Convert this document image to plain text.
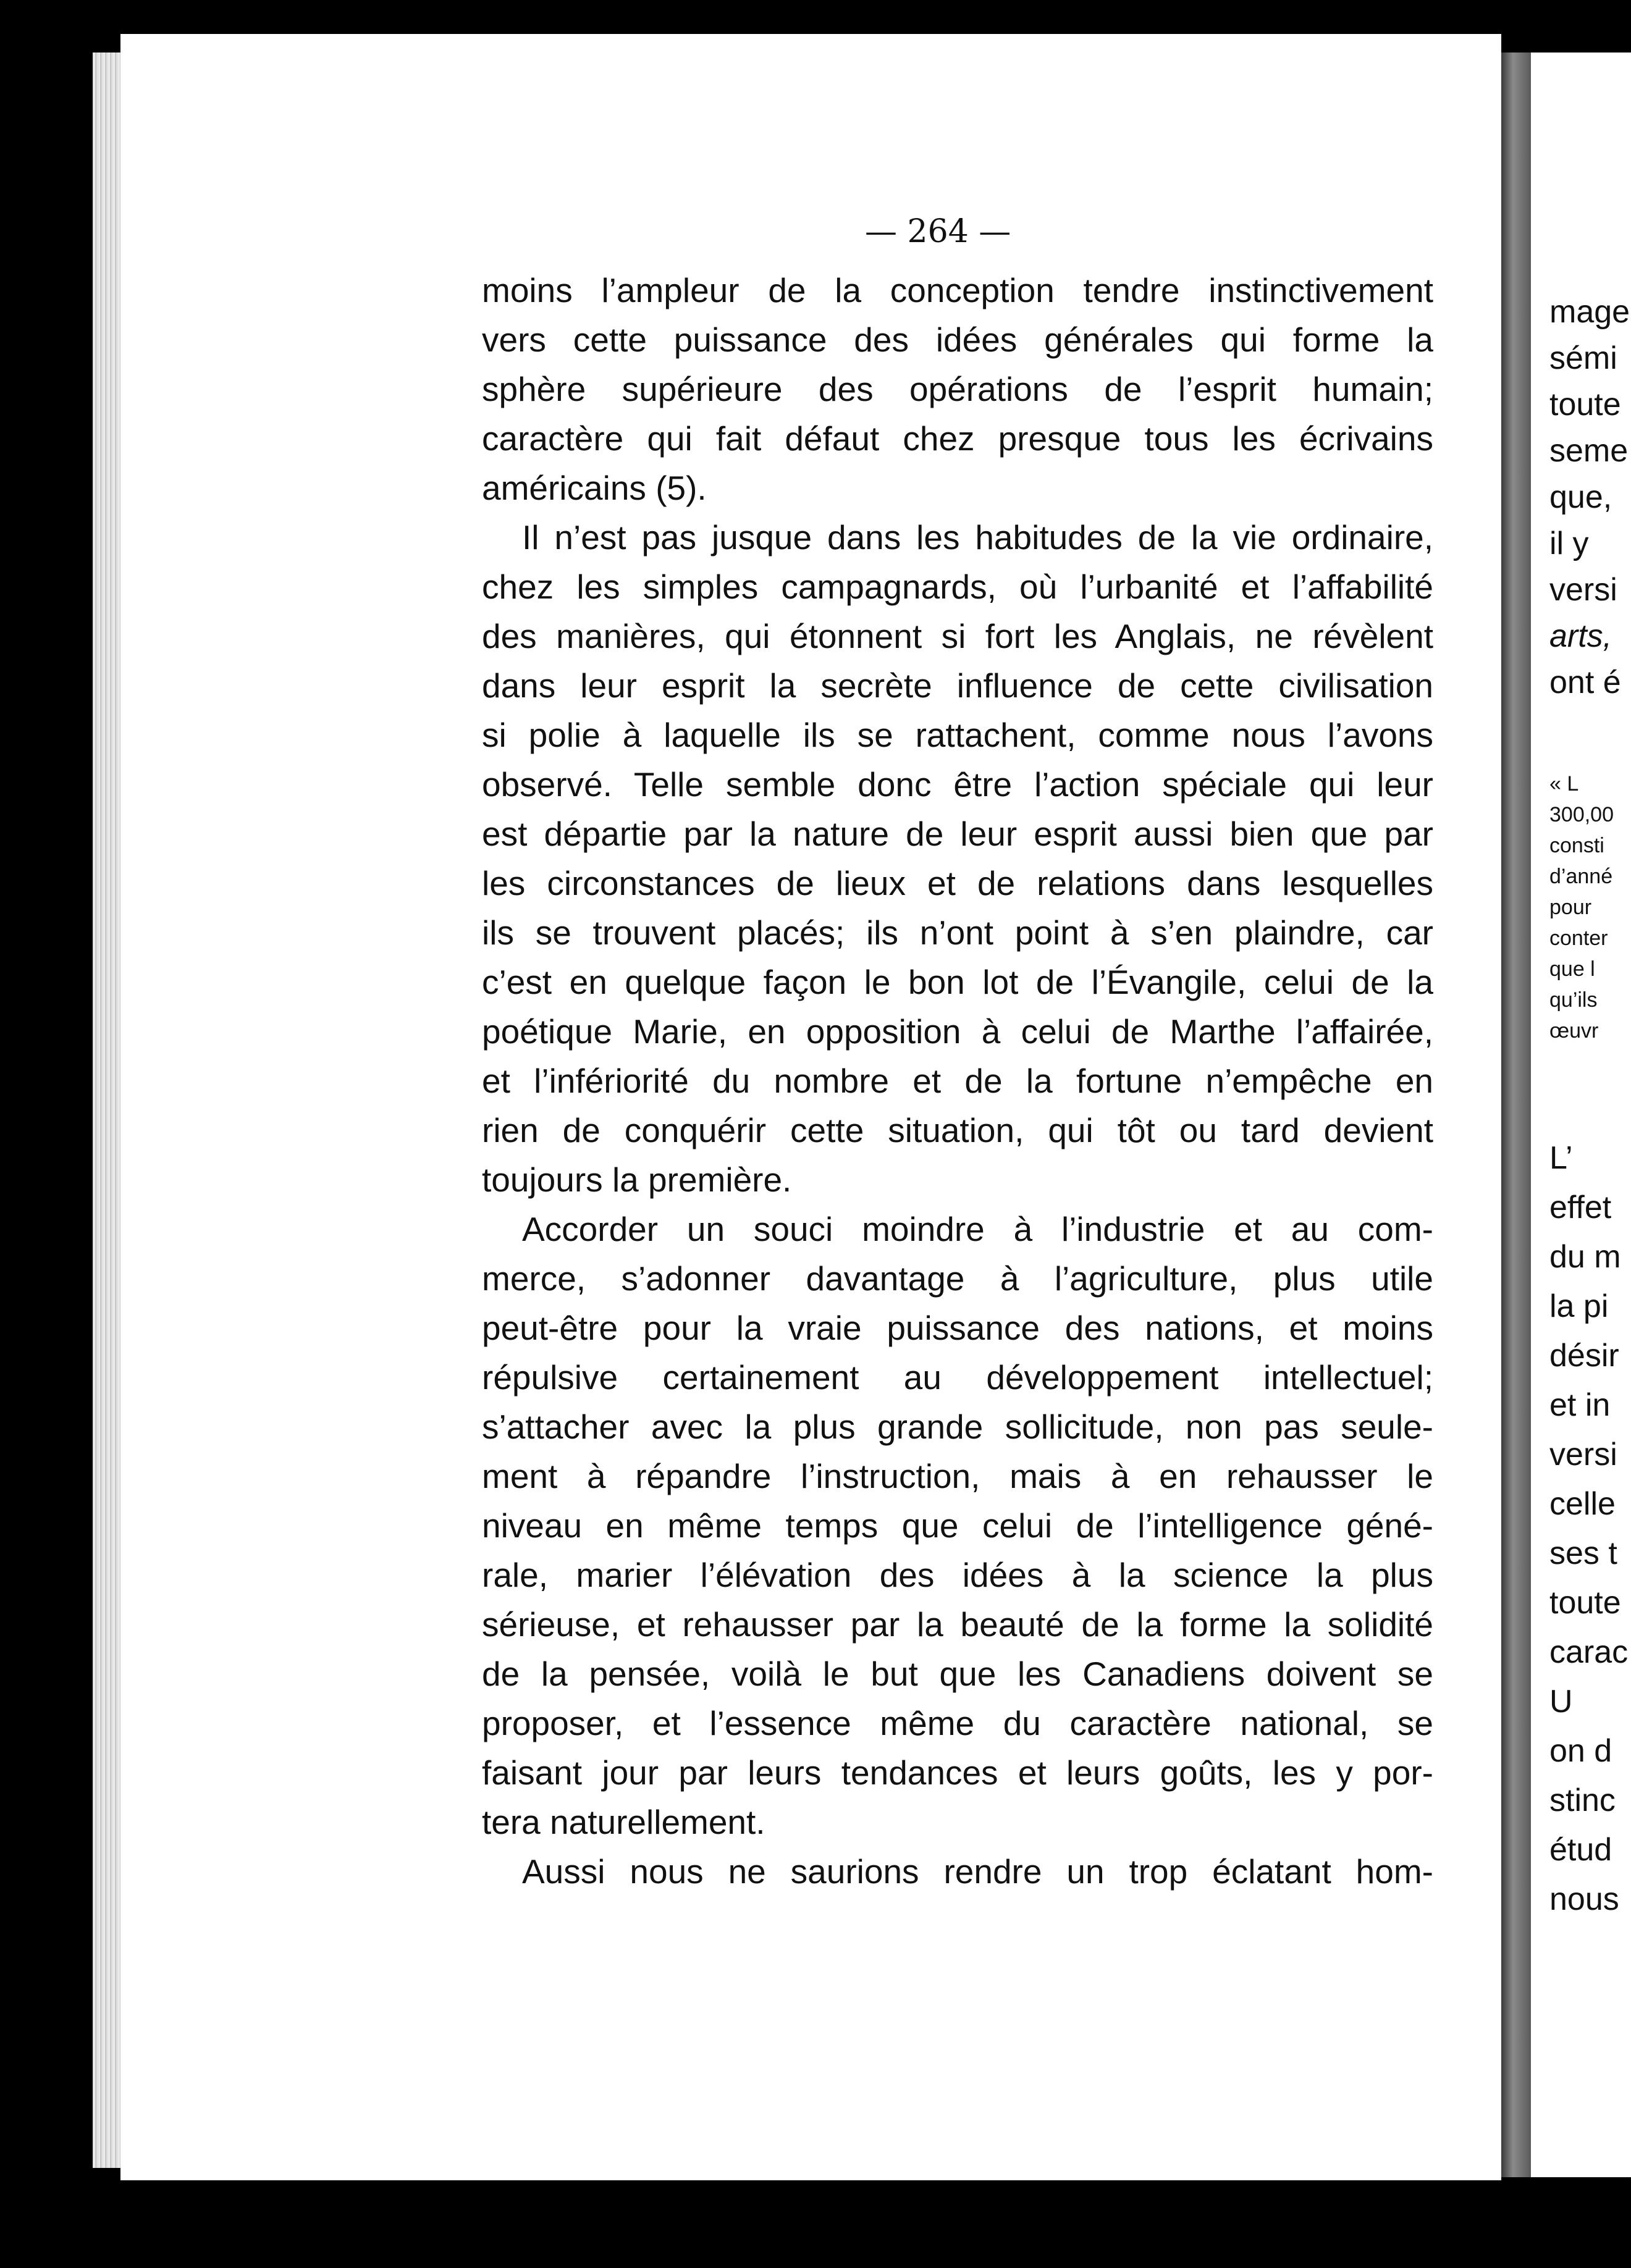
— 264 —
moins l’ampleur de la conception tendre instinctivement
vers cette puissance des idées générales qui forme la
sphère supérieure des opérations de l’esprit humain;
caractère qui fait défaut chez presque tous les écrivains
américains (5).
Il n’est pas jusque dans les habitudes de la vie ordinaire,
chez les simples campagnards, où l’urbanité et l’affabilité
des manières, qui étonnent si fort les Anglais, ne révèlent
dans leur esprit la secrète influence de cette civilisation
si polie à laquelle ils se rattachent, comme nous l’avons
observé. Telle semble donc être l’action spéciale qui leur
est départie par la nature de leur esprit aussi bien que par
les circonstances de lieux et de relations dans lesquelles
ils se trouvent placés; ils n’ont point à s’en plaindre, car
c’est en quelque façon le bon lot de l’Évangile, celui de la
poétique Marie, en opposition à celui de Marthe l’affairée,
et l’infériorité du nombre et de la fortune n’empêche en
rien de conquérir cette situation, qui tôt ou tard devient
toujours la première.
Accorder un souci moindre à l’industrie et au com-
merce, s’adonner davantage à l’agriculture, plus utile
peut-être pour la vraie puissance des nations, et moins
répulsive certainement au développement intellectuel;
s’attacher avec la plus grande sollicitude, non pas seule-
ment à répandre l’instruction, mais à en rehausser le
niveau en même temps que celui de l’intelligence géné-
rale, marier l’élévation des idées à la science la plus
sérieuse, et rehausser par la beauté de la forme la solidité
de la pensée, voilà le but que les Canadiens doivent se
proposer, et l’essence même du caractère national, se
faisant jour par leurs tendances et leurs goûts, les y por-
tera naturellement.
Aussi nous ne saurions rendre un trop éclatant hom-
mage
sémi
toute
seme
que,
il y
versi
arts,
ont é
« L
300,00
consti
d’anné
pour
conter
que l
qu’ils
œuvr
L’
effet
du m
la pi
désir
et in
versi
celle
ses t
toute
carac
U
on d
stinc
étud
nous
